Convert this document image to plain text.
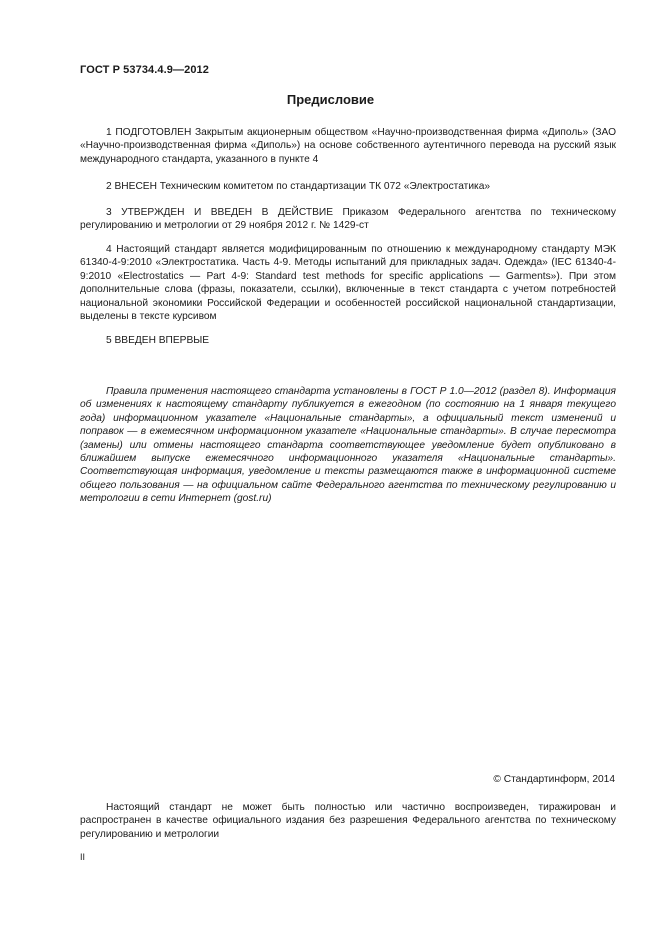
ГОСТ Р 53734.4.9—2012
Предисловие

1 ПОДГОТОВЛЕН Закрытым акционерным обществом «Научно-производственная фирма «Диполь» (ЗАО «Научно-производственная фирма «Диполь») на основе собственного аутентичного перевода на русский язык международного стандарта, указанного в пункте 4

2 ВНЕСЕН Техническим комитетом по стандартизации ТК 072 «Электростатика»

3 УТВЕРЖДЕН И ВВЕДЕН В ДЕЙСТВИЕ Приказом Федерального агентства по техническому регулированию и метрологии от 29 ноября 2012 г. № 1429-ст

4 Настоящий стандарт является модифицированным по отношению к международному стандарту МЭК 61340-4-9:2010 «Электростатика. Часть 4-9. Методы испытаний для прикладных задач. Одежда» (IEC 61340-4-9:2010 «Electrostatics — Part 4-9: Standard test methods for specific applications — Garments»). При этом дополнительные слова (фразы, показатели, ссылки), включенные в текст стандарта с учетом потребностей национальной экономики Российской Федерации и особенностей российской национальной стандартизации, выделены в тексте курсивом

5 ВВЕДЕН ВПЕРВЫЕ

Правила применения настоящего стандарта установлены в ГОСТ Р 1.0—2012 (раздел 8). Информация об изменениях к настоящему стандарту публикуется в ежегодном (по состоянию на 1 января текущего года) информационном указателе «Национальные стандарты», а официальный текст изменений и поправок — в ежемесячном информационном указателе «Национальные стандарты». В случае пересмотра (замены) или отмены настоящего стандарта соответствующее уведомление будет опубликовано в ближайшем выпуске ежемесячного информационного указателя «Национальные стандарты». Соответствующая информация, уведомление и тексты размещаются также в информационной системе общего пользования — на официальном сайте Федерального агентства по техническому регулированию и метрологии в сети Интернет (gost.ru)

© Стандартинформ, 2014

Настоящий стандарт не может быть полностью или частично воспроизведен, тиражирован и распространен в качестве официального издания без разрешения Федерального агентства по техническому регулированию и метрологии

II
